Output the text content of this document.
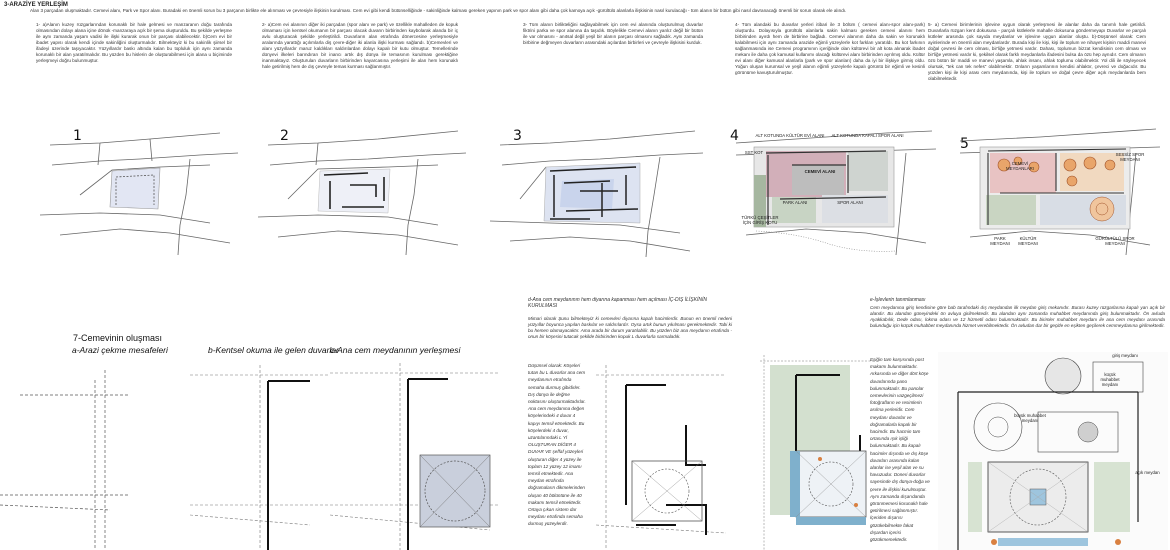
3-ARAZİYE YERLEŞİM
Alan 3 parçadan oluşmaktadır. Cemevi alanı, Park ve Spor alanı. Buradaki en önemli sorun bu 3 parçanın birlikte ele alınması ve çevresiyle ilişkinin kurulması. Cem evi gibi kendi bütünselliğinde - sakinliğinde kalması gereken yapının park ve spor alanı gibi daha çok kamoya açık -gürültülü alanlarla ilişkisinin nasıl kurulacağı - tüm alanın bir bütün gibi nasıl davranacağı önemli bir sorun olarak ele alındı.
1- a)Alanın kuzey rüzgarlarından korunaklı bir hale gelmesi ve manzaranın doğu tarafında olmasından dolayı alana içine dönük -manzaraya açık bir şema oluşturuldu. Bu şekilde yerleşme ile aynı zamanda yaşam vadisi ile ilişki kurarak onun bir parçası olabilecektir. b)Cem evi bir ibadet yapısı olarak kendi içinde sakinliğini oluşturmalıdır. Bilmekteyiz ki bu sakinlik şiirsel bir ifadeyi üzerinde taşıyacaktır. Yüzyıllardır baskı altında kalan bu topluluk için aynı zamanda korunaklı bir alan yaratılmalıdır. Bu yüzden bu hislerin de oluşturabilmesi için alana u biçiminde yerleşmeyi doğru bulunmuştur.
2- a)Cem evi alanının diğer iki parçadan (spor alanı ve park) ve özellikle mahalleden de kopuk olmaması için kentsel okumanın bir parçası olacak duvarın birbirinden kaybolarak alanda bir iç avlu oluşturacak şekilde yerleştirildi. Duvarların alan etrafında dönercesine yerleşmesiyle aralarında yarattığı açılımlarla diş çevre-diğer iki alanla ilişki kurması sağlandı. b)Cemevleri ve alanı yüzyıllardır maruz kaldıkları saldırılardan dolayı kapalı bir kutu olmuştur. Temellerinde dünyevi ilkeleri barındıran bir inancı artık dış dünya ile temasının kurulması gerektiğine inanmaktayız. Oluşturulan duvarların birbirinden kayarcasına yerleşimi ile alan hem korunaklı hale getirilmiş hem de dış çevreyle temas kurması sağlanmıştır.
3- Tüm alanın birlikteliğini sağlayabilmek için cem evi alanında oluşturulmuş duvarlar fiktrini parka ve spor alanına da taşıdık. Böylelikle Cemevi alanın yanlız değil bir bütün ile var olmasını - anıtsal değil yeşil bir alanın parçası olmasını sağladık. Aynı zamanda birbirine değmeyen duvarların arasındaki açılardan birbirleri ve çevreyle ilişkisini kurduk.
4- Tüm alandaki bu duvarlar yerleri itibari ile 3 bölüm ( cemevi alanı-spor alanı-park) oluşturdu. Dolayısıyla gürültülü alanlarla sakin kalması gereken cemevi alanını hem birbirinden ayırdı hem de birbirine bağladı. Cemevi alanının daha da sakin ve korunaklı kalabilmesi için aynı zamanda arazide eğimli yüzeylerle kot farkları yaratıldı. Bu kot farkının sağlanmasında ise Cemevi programının içeriğinde olan kültürevi bir alt kota alınarak ibadet mekanı ile daha çok kamusal kullanımı olacağı kültürevi alanı birbirinden ayrılmış oldu. Kültür evi alanı diğer kamusal alanlarla (park ve spor alanları) daha da iyi bir ilişkiye girmiş oldu. Yoğun oluşan kurumsal ve yeşil alanın eğimli yüzeylerle kapalı görüntü bir eğimli ve kesinli görünüme kavuşturulmuştur.
5- a) Cemevi birimlerinin işlevine uygun olarak yerleşmesi ile alanlar daha da tanımlı hale getirildi. Duvarlarla rüzgarı kent dokusuna - parçalı kütlelerle mahalle dokusuna göndermeyapı Duvarlar ve parçalı kütleler arasında çok sayıda meydanlar ve işlevine uygun alanlar oluştu. b)-Düşünsel olarak: Cem ayinlerinde en önemli alan meydanlardır. Burada kişi ile kişi, kişi ile toplum ve nihayet kişinin maddi manevi doğal çevresi ile cem olması, bir'liğe yetmesi vardır. Dahası, toplumun bizzat kendisinin cem olması ve bir'liğe yetmesi vardır ki, şekilsel olarak farklı meydanlarla ifadesini bulsa da özü hep aynıdır. Cem olmanın özü bütün bir maddi ve manevi yaşamla, ahlak insanı, ahlak toplumu olabilmektir. Yol dili ile söyleyecek olursak, "tek can tek nefes" olabilmektir. Onların yaşamlarının kendisi ahlaktır, çevreci ve doğacıdır. Bu yüzden kişi ile kişi arası cem meydanında, kişi ile toplum ve doğal çevre diğer açık meydanlarda bem olabilmektedir.
1	2	3	4	5
ALT KOTUNDA KÜLTÜR EVİ ALANI	ALT KOTUNDA KAPALI SPOR ALANI
CEMEVİ ALANI
PARK ALANI	SPOR ALANI
SST KOT
TÜRKÜ ÇEŞİTLER İÇİN GİRİŞ KOTU
CEMEVİ MEYDANLARI
SESSİZ SPOR MEYDANI
PARK MEYDANI
KÜLTÜR MEYDANI
GÜRÜLTÜLÜ SPOR MEYDANI
7-Cemevinin oluşması
a-Arazi çekme mesafeleri	b-Kentsel okuma ile gelen duvarlar
c-Ana cem meydanının yerleşmesi
d-Ana cem meydanının hem diyarına kapanması hem açılması İÇ-DIŞ İLİŞKİNİN KURULMASI
Mimari olarak Şunu bilmekteyiz ki cemevleri diyarına kapalı hacimlerdir. Bunun en önemli nedeni yüzyıllar boyunca yapılan baskılar ve saldırılardır. Oysa artık bunun yıkılması gerekmektedir. Tabi ki bu hemen olamayacaktır. Ama arada bir durum yaratılabilir. Bu yüzden biz ana meydanın etrafında - onun bir köşesini tutacak şekilde birbirinden kopuk L duvarlarla sarmaladık.
Düşünsel olarak: Köşeleri tutan bu L duvarlar ana cem meydanının etrafında semaha durmuş gibidirler. Dış dünya ile değme noktasını oluşturmaktadırlar. Ana cem meydanına değen köşelerindeki 4 duvar 4 kapıyı temsil etmektedir. Bu köşelerdeki 4 duvar, uzantılarındaki L Yİ OLUŞTURAN DİĞER 4 DUVAR VE şeffaf yüzeyleri oluşturan diğer 4 yüzey ile toplam 12 yüzey 12 imamı temsil etmektedir. Ana meydan etrafında doğramaların dikmelerinden oluşan 40 bölüntüne ile 40 makamı temsil etmektedir. Ortaya çıkan sistem dar meydanı etrafında semaha durmuş yüzeylerdir.
e-İşlevlerin tanımlanması
Cem meydanına giriş kendisine göre bab tarafındaki dış meydandan ilk meydan giriş mekanıdır. Burası kuzey rüzgarlarına kapalı yarı açık bir alandır. Bu alandan güneyindeki ön avluya girilmektedir. Bu alandan aynı zamanda muhabbet meydanında giriş bulunmaktadır. Ön avluda Ayakkabılık, Dede odası, lokma odası ve 12 hizmetli odası bulunmaktadır. Bu birimler muhabbet meydanı ile ana cem meydanı arasında bulunduğu için küçük muhabbet meydanında hizmet verebilmektedir. Ön avludan dar bir geçitle en eşikten geçilerek cemmeydanına girilmektedir.
Eşiğin tam karşısında post makamı bulunmaktadır. Arkasında ve diğer dört köşe duvarlarında pano bulunmaktadır. Bu panolar cemevlerinin vazgeçilmezi fotoğrafların ve resimlerin asılma yerleridir. Cem meydanı duvarlar ve doğramalarla kapalı bir hacimdir. Bu hacmin tam ortasında ışık işliği bulunmaktadır. Bu kapalı hacimler dışında ve dış köşe duvarları arasında kalan alanlar ise yeşil alan ve su havuzudur. Doneri duvarlar sayesinde dış dünya-doğa ve çevre ile ilişkisi kurulmuştur. Aynı zamanda dışarıdanda görünmemesi korunaklı hale getirilmesi sağlanmıştır. İçeriden dışarısı gözükebilmekte fakat dışardan içerisi gözükmemektedir.
giriş meydanı
küçük muhabbet meydanı
büyük muhabbet meydanı
açık meydan
